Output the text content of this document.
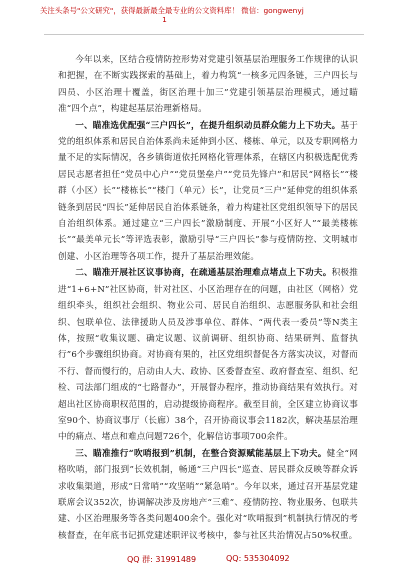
关注头条号"公文研究"，获得最新最全最专业的公文资料库！ 微信：gongwenyj
1

今年以来，区结合疫情防控形势对党建引领基层治理服务工作规律的认识和把握，在不断实践探索的基础上，着力构筑“一核多元四条链，三户四长与四员、小区治理十覆盖，街区治理十加三”党建引领基层治理模式，通过瞄准“四个点”，构建起基层治理新格局。

一、瞄准选优配强“三户四长”，在提升组织动员群众能力上下功夫。基于党的组织体系和居民自治体系尚未延伸到小区、楼栋、单元，以及专职网格力量不足的实际情况，各乡镇街道依托网格化管理体系，在辖区内积极选配优秀居民志愿者担任“党员中心户”“党员堡垒户”“党员先锋户”和居民“网格长”“楼群（小区）长”“楼栋长”“楼门（单元）长”，让党员“三户”延伸党的组织体系链条到居民“四长”延伸居民自治体系链条，着力构建社区党组织领导下的居民自治组织体系。通过建立“三户四长”激励制度、开展“小区好人”“最美楼栋长”“最美单元长”等评选表彰，激励引导“三户四长”参与疫情防控、文明城市创建、小区治理等各项工作，提升了基层治理效能。

二、瞄准开展社区议事协商，在疏通基层治理难点堵点上下功夫。积极推进“1+6+N”社区协商，针对社区、小区治理存在的问题，由社区（网格）党组织牵头，组织社会组织、物业公司、居民自治组织、志愿服务队和社会组织、包联单位、法律援助人员及涉事单位、群体、“两代表一委员”等N类主体，按照“收集议题、确定议题、议前调研、组织协商、结果研判、监督执行”6个步骤组织协商。对协商有果的，社区党组织督促各方落实决议，对督而不行、督而慢行的，启动由人大、政协、区委督查室、政府督查室、组织、纪检、司法部门组成的“七路督办”，开展督办程序，推动协商结果有效执行。对超出社区协商职权范围的，启动提级协商程序。截至目前，全区建立协商议事室90个、协商议事厅（长廊）38个，召开协商议事会1182次，解决基层治理中的痛点、堵点和难点问题726个，化解信访事项700余件。

三、瞄准推行“吹哨报到”机制，在整合资源赋能基层上下功夫。健全“网格吹哨，部门报到”长效机制，畅通“三户四长”巡查、居民群众反映等群众诉求收集渠道，形成“日常哨”“攻坚哨”“紧急哨”。今年以来，通过召开基层党建联席会议352次，协调解决涉及房地产“三难”、疫情防控、物业服务、包联共建、小区治理服务等各类问题400余个。强化对“吹哨报到”机制执行情况的考核督查，在年底书记抓党建述职评议考核中，参与社区共治情况占50%权重。

QQ 群: 31991489	QQ: 535304092
